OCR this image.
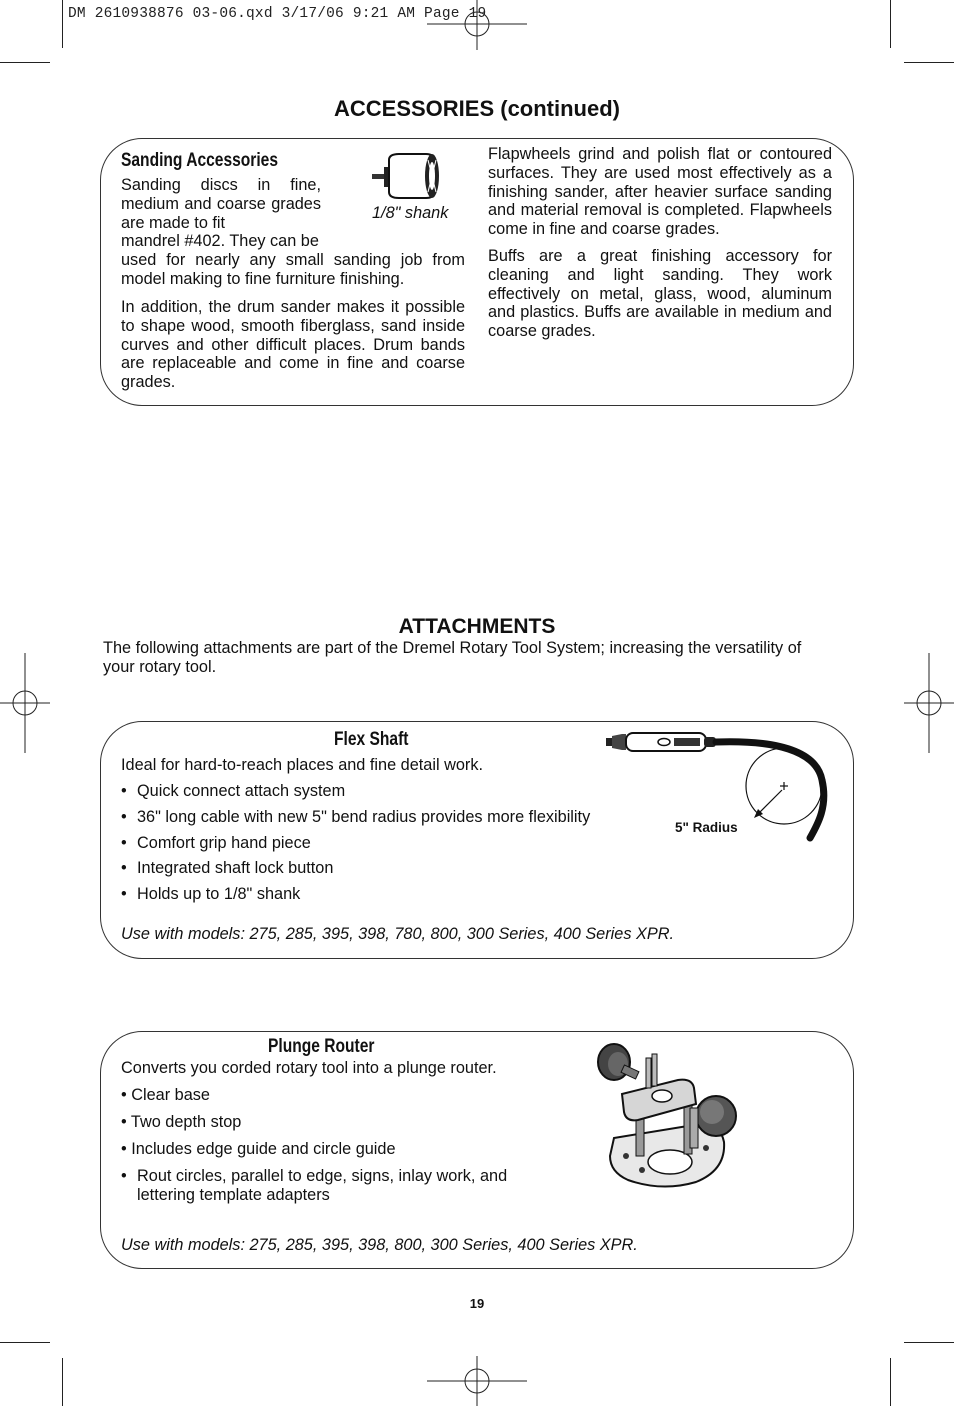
DM 2610938876 03-06.qxd 3/17/06 9:21 AM Page 19
ACCESSORIES (continued)
Sanding Accessories

Sanding discs in fine, medium and coarse grades are made to fit

mandrel #402. They can be

used for nearly any small sanding job from model making to fine furniture finishing.

In addition, the drum sander makes it possible to shape wood, smooth fiberglass, sand inside curves and other difficult places. Drum bands are replaceable and come in fine and coarse grades.

1/8" shank

Flapwheels grind and polish flat or contoured surfaces. They are used most effectively as a finishing sander, after heavier surface sanding and material removal is completed. Flapwheels come in fine and coarse grades.

Buffs are a great finishing accessory for cleaning and light sanding. They work effectively on metal, glass, wood, aluminum and plastics. Buffs are available in medium and coarse grades.

ATTACHMENTS

The following attachments are part of the Dremel Rotary Tool System; increasing the versatility of your rotary tool.

Flex Shaft

Ideal for hard-to-reach places and fine detail work.

• Quick connect attach system
• 36" long cable with new 5" bend radius provides more flexibility
• Comfort grip hand piece
• Integrated shaft lock button
• Holds up to 1/8" shank

Use with models: 275, 285, 395, 398, 780, 800, 300 Series, 400 Series XPR.

5" Radius
Plunge Router

Converts you corded rotary tool into a plunge router.

• Clear base

• Two depth stop

• Includes edge guide and circle guide

• Rout circles, parallel to edge, signs, inlay work, and lettering template adapters

Use with models: 275, 285, 395, 398, 800, 300 Series, 400 Series XPR.

19
